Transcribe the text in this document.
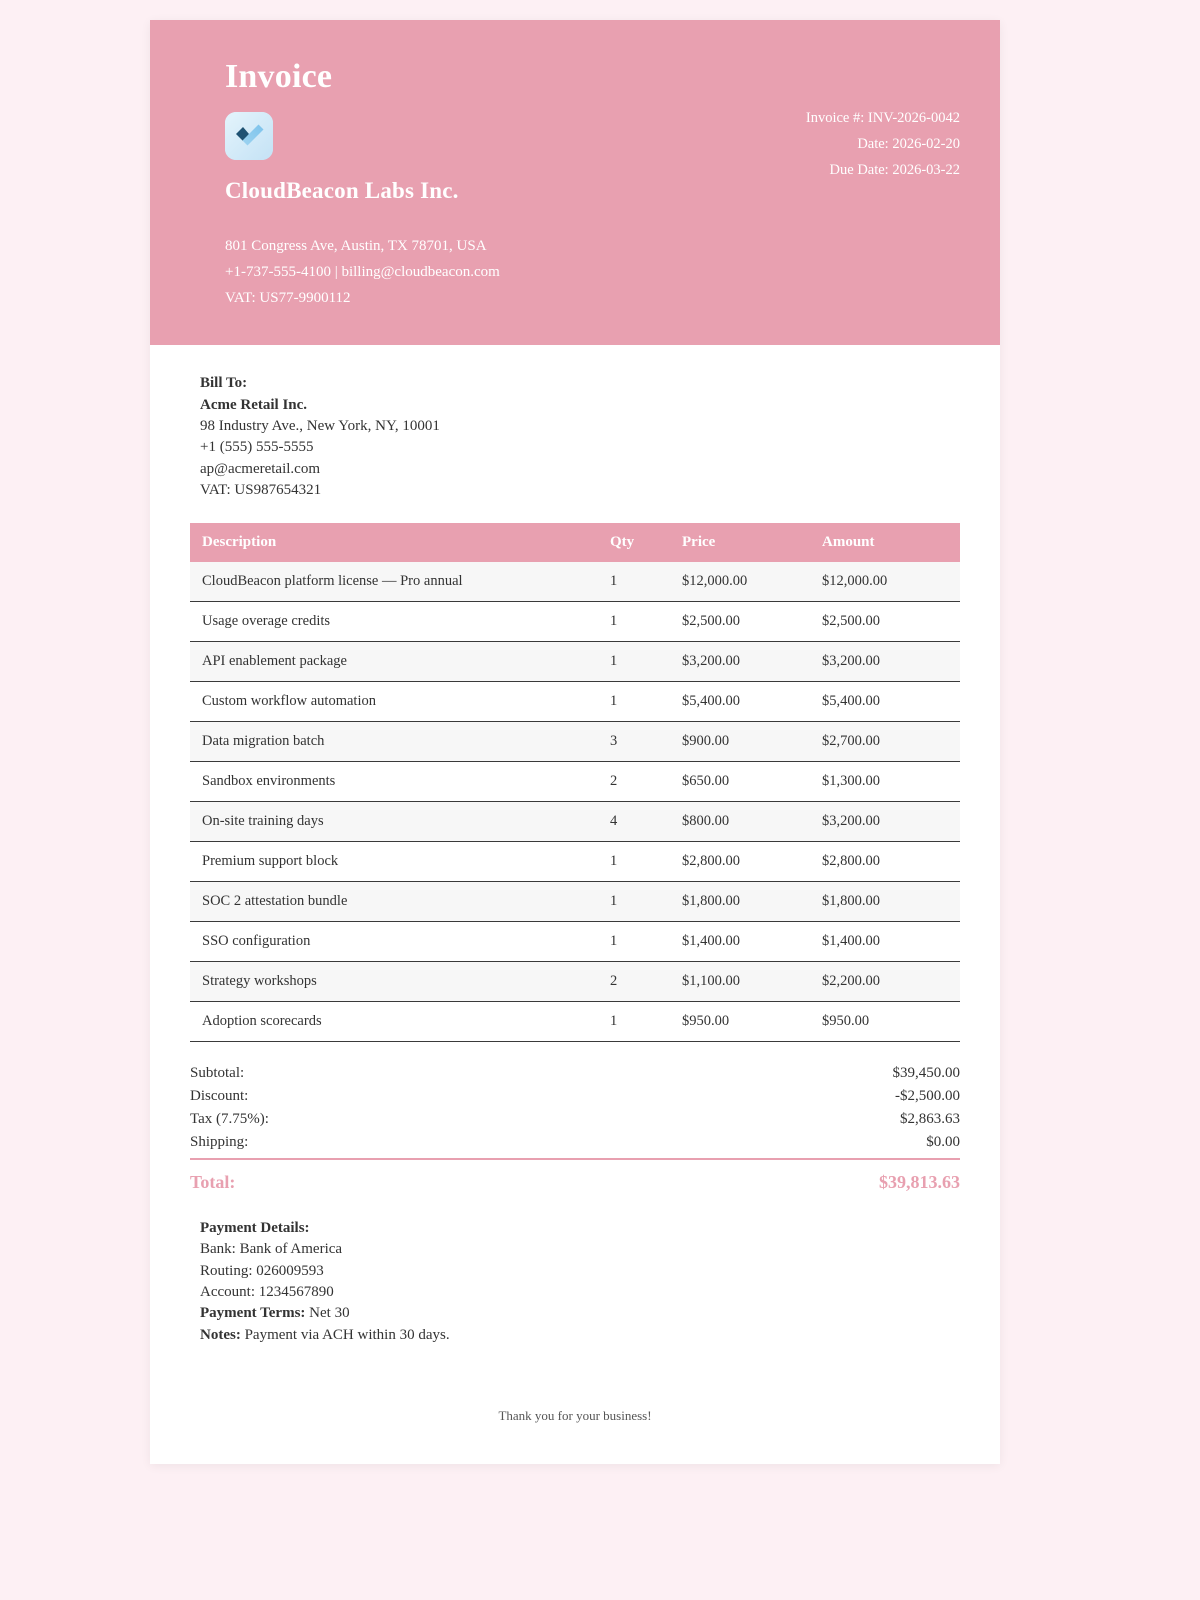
Invoice
CloudBeacon Labs Inc.
801 Congress Ave, Austin, TX 78701, USA
+1-737-555-4100 | billing@cloudbeacon.com
VAT: US77-9900112
Invoice #: INV-2026-0042
Date: 2026-02-20
Due Date: 2026-03-22
Bill To:
Acme Retail Inc.
98 Industry Ave., New York, NY, 10001
+1 (555) 555-5555
ap@acmeretail.com
VAT: US987654321
Description	Qty	Price	Amount
CloudBeacon platform license — Pro annual	1	$12,000.00	$12,000.00
Usage overage credits	1	$2,500.00	$2,500.00
API enablement package	1	$3,200.00	$3,200.00
Custom workflow automation	1	$5,400.00	$5,400.00
Data migration batch	3	$900.00	$2,700.00
Sandbox environments	2	$650.00	$1,300.00
On-site training days	4	$800.00	$3,200.00
Premium support block	1	$2,800.00	$2,800.00
SOC 2 attestation bundle	1	$1,800.00	$1,800.00
SSO configuration	1	$1,400.00	$1,400.00
Strategy workshops	2	$1,100.00	$2,200.00
Adoption scorecards	1	$950.00	$950.00
Subtotal:	$39,450.00
Discount:	-$2,500.00
Tax (7.75%):	$2,863.63
Shipping:	$0.00

Total:	$39,813.63
Payment Details:
Bank: Bank of America
Routing: 026009593
Account: 1234567890
Payment Terms: Net 30
Notes: Payment via ACH within 30 days.
Thank you for your business!
